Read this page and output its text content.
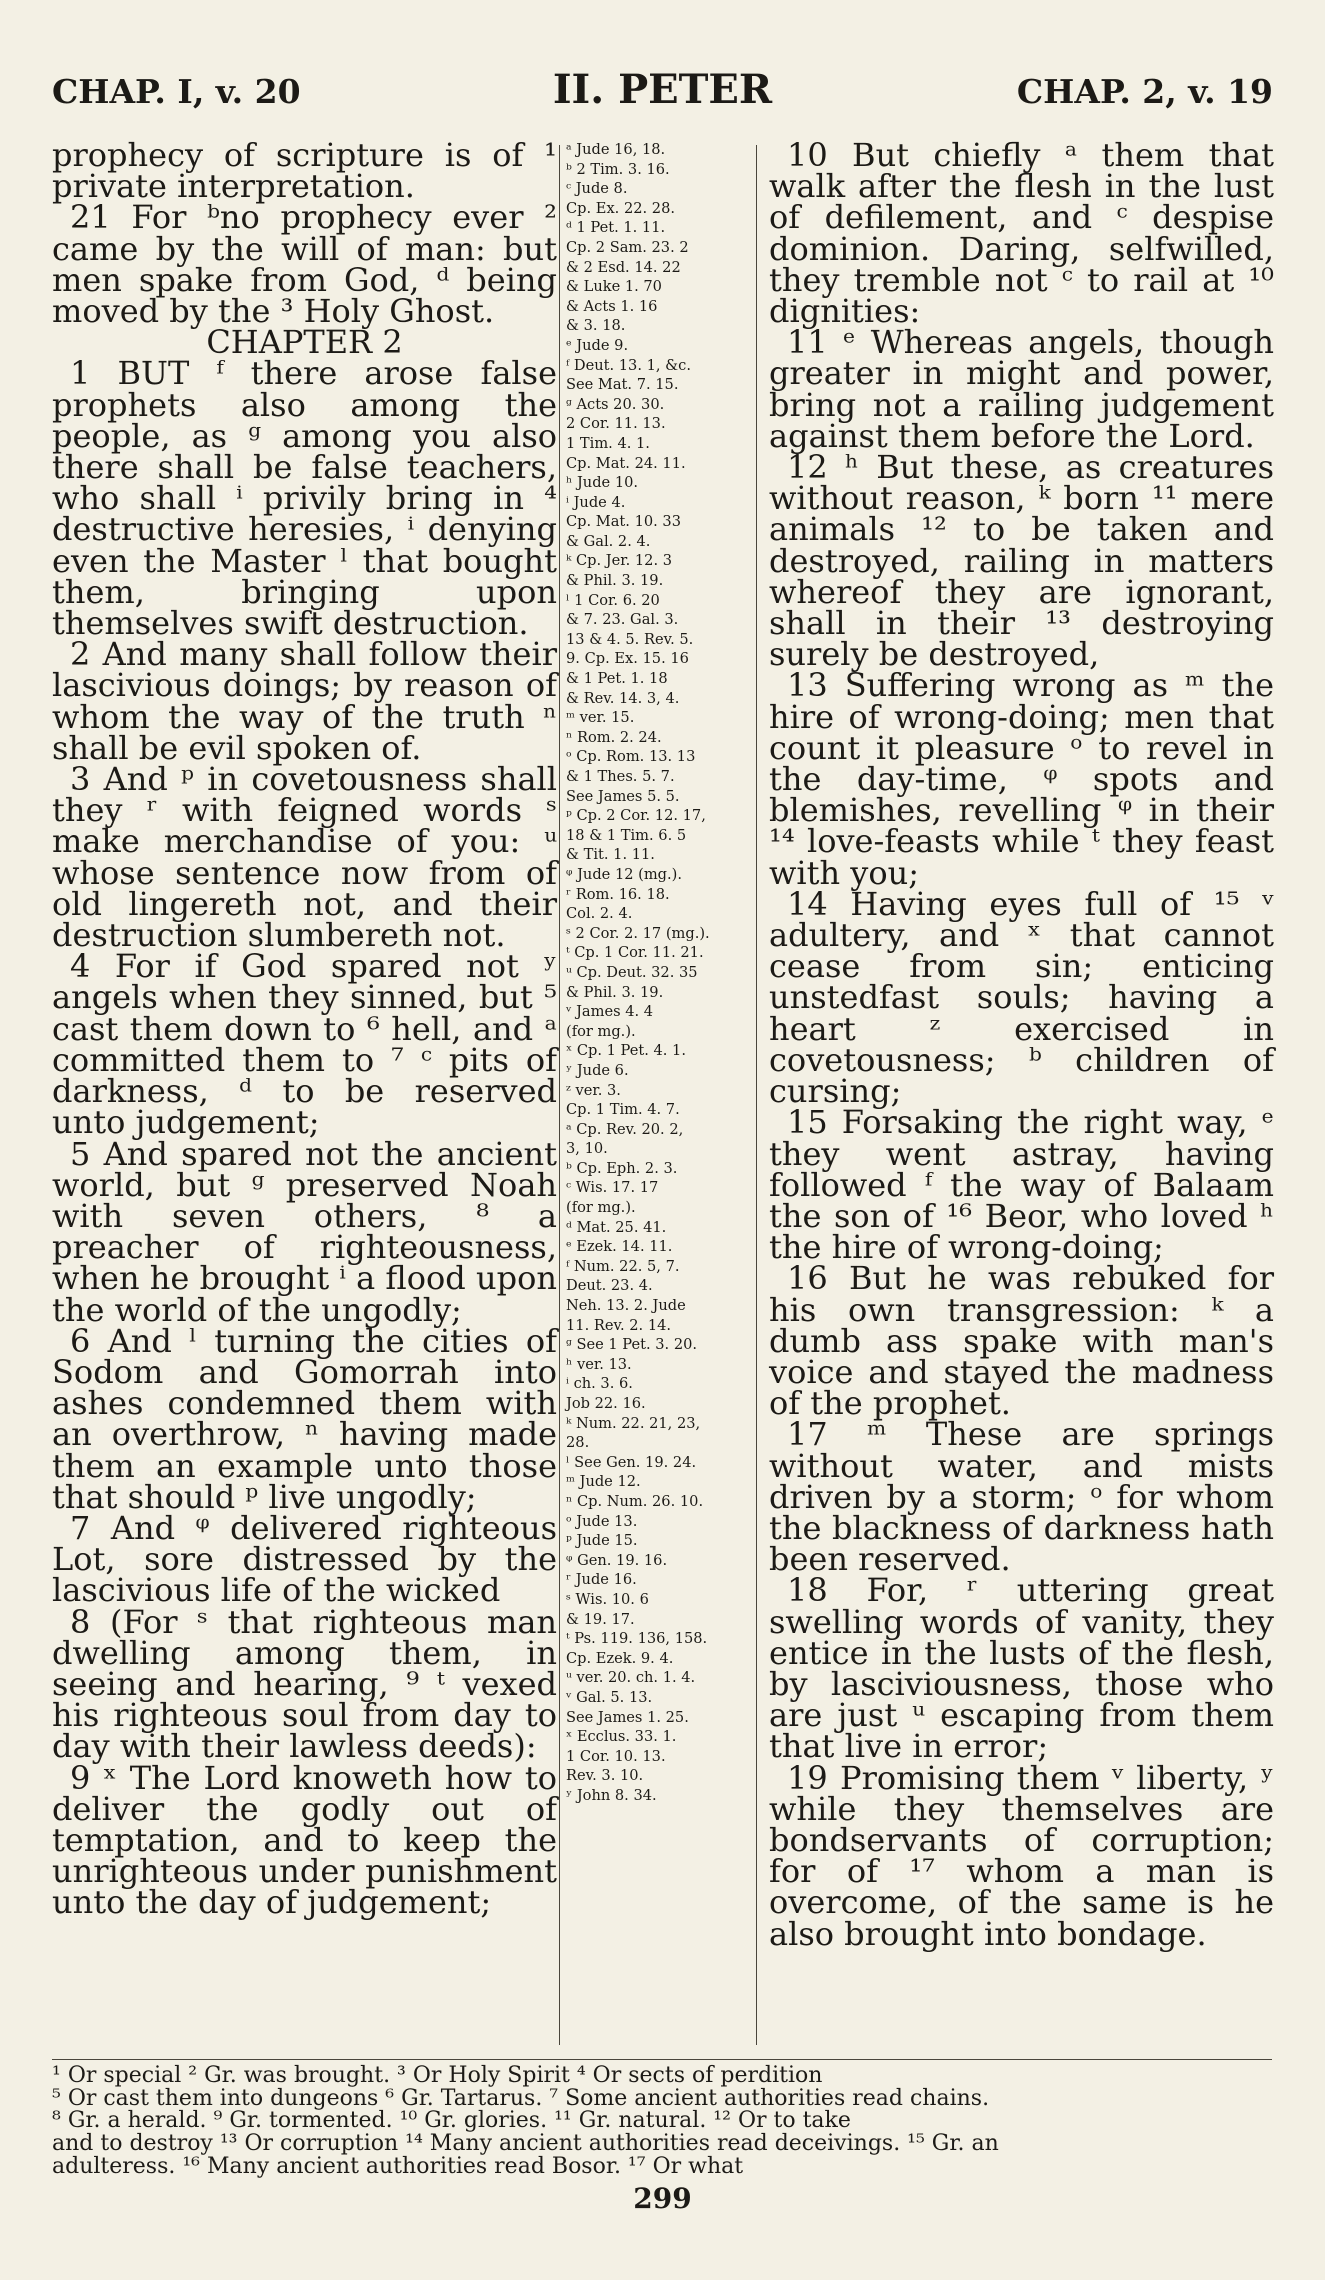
CHAP. I, v. 20	II. PETER	CHAP. 2, v. 19

prophecy of scripture is of ¹ private interpretation.

21 For ᵇno prophecy ever ² came by the will of man: but men spake from God, ᵈ being moved by the ³ Holy Ghost.

CHAPTER 2

1 BUT ᶠ there arose false prophets also among the people, as ᵍ among you also there shall be false teachers, who shall ⁱ privily bring in ⁴ destructive heresies, ⁱ denying even the Master ˡ that bought them, bringing upon themselves swift destruction.

2 And many shall follow their lascivious doings; by reason of whom the way of the truth ⁿ shall be evil spoken of.

3 And ᵖ in covetousness shall they ʳ with feigned words ˢ make merchandise of you: ᵘ whose sentence now from of old lingereth not, and their destruction slumbereth not.

4 For if God spared not ʸ angels when they sinned, but ⁵ cast them down to ⁶ hell, and ᵃ committed them to ⁷ ᶜ pits of darkness, ᵈ to be reserved unto judgement;

5 And spared not the ancient world, but ᵍ preserved Noah with seven others, ⁸ a preacher of righteousness, when he brought ⁱ a flood upon the world of the ungodly;

6 And ˡ turning the cities of Sodom and Gomorrah into ashes condemned them with an overthrow, ⁿ having made them an example unto those that should ᵖ live ungodly;

7 And ᵠ delivered righteous Lot, sore distressed by the lascivious life of the wicked

8 (For ˢ that righteous man dwelling among them, in seeing and hearing, ⁹ ᵗ vexed his righteous soul from day to day with their lawless deeds):

9 ˣ The Lord knoweth how to deliver the godly out of temptation, and to keep the unrighteous under punishment unto the day of judgement;

ᵃ Jude 16, 18.

ᵇ 2 Tim. 3. 16.

ᶜ Jude 8.

Cp. Ex. 22. 28.

ᵈ 1 Pet. 1. 11.

Cp. 2 Sam. 23. 2

& 2 Esd. 14. 22

& Luke 1. 70

& Acts 1. 16

& 3. 18.

ᵉ Jude 9.

ᶠ Deut. 13. 1, &c.

See Mat. 7. 15.

ᵍ Acts 20. 30.

2 Cor. 11. 13.

1 Tim. 4. 1.

Cp. Mat. 24. 11.

ʰ Jude 10.

ⁱ Jude 4.

Cp. Mat. 10. 33

& Gal. 2. 4.

ᵏ Cp. Jer. 12. 3

& Phil. 3. 19.

ˡ 1 Cor. 6. 20

& 7. 23. Gal. 3.

13 & 4. 5. Rev. 5.

9. Cp. Ex. 15. 16

& 1 Pet. 1. 18

& Rev. 14. 3, 4.

ᵐ ver. 15.

ⁿ Rom. 2. 24.

ᵒ Cp. Rom. 13. 13

& 1 Thes. 5. 7.

See James 5. 5.

ᵖ Cp. 2 Cor. 12. 17,

18 & 1 Tim. 6. 5

& Tit. 1. 11.

ᵠ Jude 12 (mg.).

ʳ Rom. 16. 18.

Col. 2. 4.

ˢ 2 Cor. 2. 17 (mg.).

ᵗ Cp. 1 Cor. 11. 21.

ᵘ Cp. Deut. 32. 35

& Phil. 3. 19.

ᵛ James 4. 4

(for mg.).

ˣ Cp. 1 Pet. 4. 1.

ʸ Jude 6.

ᶻ ver. 3.

Cp. 1 Tim. 4. 7.

ᵃ Cp. Rev. 20. 2,

3, 10.

ᵇ Cp. Eph. 2. 3.

ᶜ Wis. 17. 17

(for mg.).

ᵈ Mat. 25. 41.

ᵉ Ezek. 14. 11.

ᶠ Num. 22. 5, 7.

Deut. 23. 4.

Neh. 13. 2. Jude

11. Rev. 2. 14.

ᵍ See 1 Pet. 3. 20.

ʰ ver. 13.

ⁱ ch. 3. 6.

Job 22. 16.

ᵏ Num. 22. 21, 23,

28.

ˡ See Gen. 19. 24.

ᵐ Jude 12.

ⁿ Cp. Num. 26. 10.

ᵒ Jude 13.

ᵖ Jude 15.

ᵠ Gen. 19. 16.

ʳ Jude 16.

ˢ Wis. 10. 6

& 19. 17.

ᵗ Ps. 119. 136, 158.

Cp. Ezek. 9. 4.

ᵘ ver. 20. ch. 1. 4.

ᵛ Gal. 5. 13.

See James 1. 25.

ˣ Ecclus. 33. 1.

1 Cor. 10. 13.

Rev. 3. 10.

ʸ John 8. 34.

10 But chiefly ᵃ them that walk after the flesh in the lust of defilement, and ᶜ despise dominion. Daring, selfwilled, they tremble not ᶜ to rail at ¹⁰ dignities:

11 ᵉ Whereas angels, though greater in might and power, bring not a railing judgement against them before the Lord.

12 ʰ But these, as creatures without reason, ᵏ born ¹¹ mere animals ¹² to be taken and destroyed, railing in matters whereof they are ignorant, shall in their ¹³ destroying surely be destroyed,

13 Suffering wrong as ᵐ the hire of wrong-doing; men that count it pleasure ᵒ to revel in the day-time, ᵠ spots and blemishes, revelling ᵠ in their ¹⁴ love-feasts while ᵗ they feast with you;

14 Having eyes full of ¹⁵ ᵛ adultery, and ˣ that cannot cease from sin; enticing unstedfast souls; having a heart ᶻ exercised in covetousness; ᵇ children of cursing;

15 Forsaking the right way, ᵉ they went astray, having followed ᶠ the way of Balaam the son of ¹⁶ Beor, who loved ʰ the hire of wrong-doing;

16 But he was rebuked for his own transgression: ᵏ a dumb ass spake with man's voice and stayed the madness of the prophet.

17 ᵐ These are springs without water, and mists driven by a storm; ᵒ for whom the blackness of darkness hath been reserved.

18 For, ʳ uttering great swelling words of vanity, they entice in the lusts of the flesh, by lasciviousness, those who are just ᵘ escaping from them that live in error;

19 Promising them ᵛ liberty, ʸ while they themselves are bondservants of corruption; for of ¹⁷ whom a man is overcome, of the same is he also brought into bondage.

¹ Or special ² Gr. was brought. ³ Or Holy Spirit ⁴ Or sects of perdition

⁵ Or cast them into dungeons ⁶ Gr. Tartarus. ⁷ Some ancient authorities read chains.

⁸ Gr. a herald. ⁹ Gr. tormented. ¹⁰ Gr. glories. ¹¹ Gr. natural. ¹² Or to take

and to destroy ¹³ Or corruption ¹⁴ Many ancient authorities read deceivings. ¹⁵ Gr. an

adulteress. ¹⁶ Many ancient authorities read Bosor. ¹⁷ Or what

299
